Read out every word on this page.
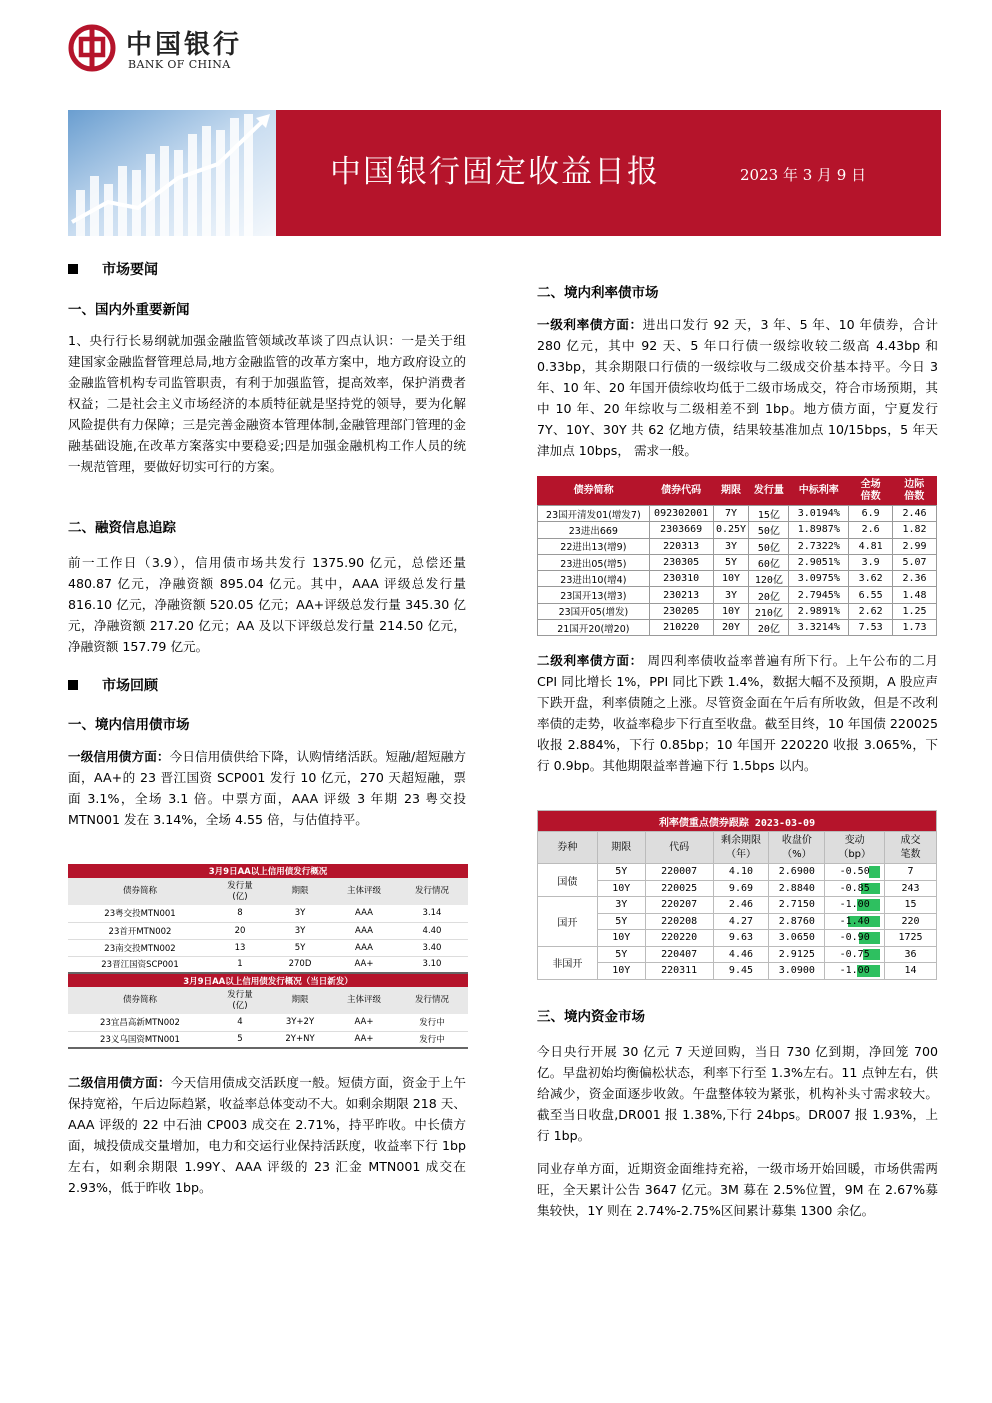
中国银行
BANK OF CHINA
中国银行固定收益日报	2023 年 3 月 9 日
市场要闻
一、国内外重要新闻
1、央行行长易纲就加强金融监管领域改革谈了四点认识：一是关于组建国家金融监督管理总局,地方金融监管的改革方案中，地方政府设立的金融监管机构专司监管职责，有利于加强监管，提高效率，保护消费者权益；二是社会主义市场经济的本质特征就是坚持党的领导，要为化解风险提供有力保障；三是完善金融资本管理体制,金融管理部门管理的金融基础设施,在改革方案落实中要稳妥;四是加强金融机构工作人员的统一规范管理，要做好切实可行的方案。
二、融资信息追踪
前一工作日（3.9），信用债市场共发行 1375.90 亿元，总偿还量 480.87 亿元，净融资额 895.04 亿元。其中，AAA 评级总发行量 816.10 亿元，净融资额 520.05 亿元；AA+评级总发行量 345.30 亿元，净融资额 217.20 亿元；AA 及以下评级总发行量 214.50 亿元，净融资额 157.79 亿元。
市场回顾
一、境内信用债市场
一级信用债方面：今日信用债供给下降，认购情绪活跃。短融/超短融方面，AA+的 23 晋江国资 SCP001 发行 10 亿元，270 天超短融，票面 3.1%，全场 3.1 倍。中票方面，AAA 评级 3 年期 23 粤交投 MTN001 发在 3.14%，全场 4.55 倍，与估值持平。
3月9日AA以上信用债发行概况				
债券简称	发行量
(亿)	期限	主体评级	发行情况
23粤交投MTN001	8	3Y	AAA	3.14
23首开MTN002	20	3Y	AAA	4.40
23南交投MTN002	13	5Y	AAA	3.40
23晋江国资SCP001	1	270D	AA+	3.10
3月9日AA以上信用债发行概况（当日新发）				
债券简称	发行量
(亿)	期限	主体评级	发行情况
23宜昌高新MTN002	4	3Y+2Y	AA+	发行中
23义乌国资MTN001	5	2Y+NY	AA+	发行中
二级信用债方面：今天信用债成交活跃度一般。短债方面，资金于上午保持宽裕，午后边际趋紧，收益率总体变动不大。如剩余期限 218 天、AAA 评级的 22 中石油 CP003 成交在 2.71%，持平昨收。中长债方面，城投债成交量增加，电力和交运行业保持活跃度，收益率下行 1bp 左右，如剩余期限 1.99Y、AAA 评级的 23 汇金 MTN001 成交在 2.93%，低于昨收 1bp。
二、境内利率债市场
一级利率债方面：进出口发行 92 天，3 年、5 年、10 年债券，合计 280 亿元，其中 92 天、5 年口行债一级综收较二级高 4.43bp 和 0.33bp，其余期限口行债的一级综收与二级成交价基本持平。今日 3 年、10 年、20 年国开债综收均低于二级市场成交，符合市场预期，其中 10 年、20 年综收与二级相差不到 1bp。地方债方面，宁夏发行 7Y、10Y、30Y 共 62 亿地方债，结果较基准加点 10/15bps，5 年天津加点 10bps， 需求一般。
债券简称	债券代码	期限	发行量	中标利率	全场
倍数	边际
倍数
23国开清发01(增发7)	092302001	7Y	15亿	3.0194%	6.9	2.46
23进出669	2303669	0.25Y	50亿	1.8987%	2.6	1.82
22进出13(增9)	220313	3Y	50亿	2.7322%	4.81	2.99
23进出05(增5)	230305	5Y	60亿	2.9051%	3.9	5.07
23进出10(增4)	230310	10Y	120亿	3.0975%	3.62	2.36
23国开13(增3)	230213	3Y	20亿	2.7945%	6.55	1.48
23国开05(增发)	230205	10Y	210亿	2.9891%	2.62	1.25
21国开20(增20)	210220	20Y	20亿	3.3214%	7.53	1.73
二级利率债方面： 周四利率债收益率普遍有所下行。上午公布的二月 CPI 同比增长 1%，PPI 同比下跌 1.4%，数据大幅不及预期，A 股应声下跌开盘，利率债随之上涨。尽管资金面在午后有所收敛，但是不改利率债的走势，收益率稳步下行直至收盘。截至目终，10 年国债 220025 收报 2.884%，下行 0.85bp；10 年国开 220220 收报 3.065%，下行 0.9bp。其他期限益率普遍下行 1.5bps 以内。
利率债重点债券跟踪 2023-03-09						
券种	期限	代码	剩余期限
（年）	收盘价
（%）	变动
（bp）	成交
笔数
国债	5Y	220007	4.10	2.6900	-0.50	7
	10Y	220025	9.69	2.8840	-0.85	243
国开	3Y	220207	2.46	2.7150	-1.00	15
	5Y	220208	4.27	2.8760	-1.40	220
	10Y	220220	9.63	3.0650	-0.90	1725
非国开	5Y	220407	4.46	2.9125	-0.75	36
	10Y	220311	9.45	3.0900	-1.00	14
三、境内资金市场
今日央行开展 30 亿元 7 天逆回购，当日 730 亿到期，净回笼 700 亿。早盘初始均衡偏松状态，利率下行至 1.3%左右。11 点钟左右，供给减少，资金面逐步收敛。午盘整体较为紧张，机构补头寸需求较大。截至当日收盘,DR001 报 1.38%,下行 24bps。DR007 报 1.93%，上行 1bp。
同业存单方面，近期资金面维持充裕，一级市场开始回暖，市场供需两旺，全天累计公告 3647 亿元。3M 募在 2.5%位置，9M 在 2.67%募集较快，1Y 则在 2.74%-2.75%区间累计募集 1300 余亿。
